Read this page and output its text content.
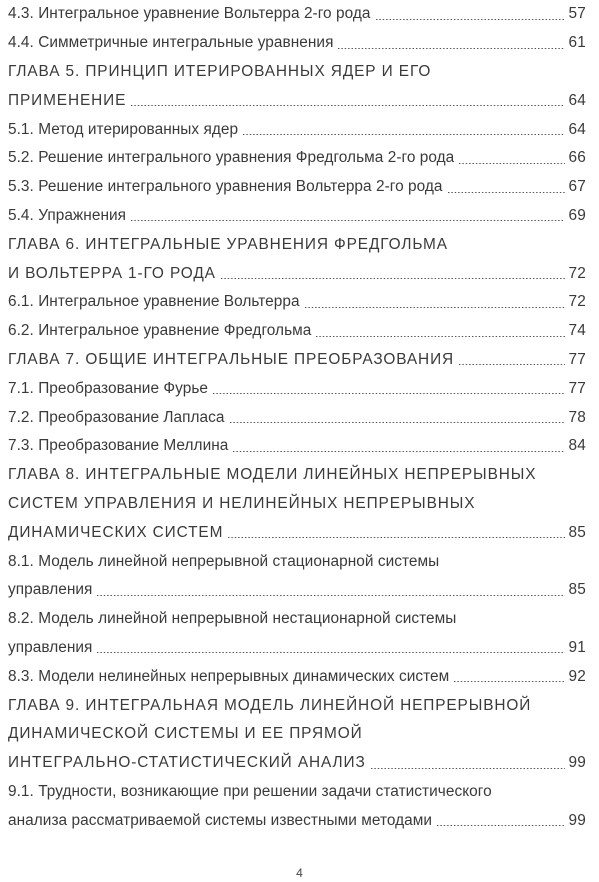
4.3. Интегральное уравнение Вольтерра 2-го рода	57
4.4. Симметричные интегральные уравнения	61
ГЛАВА 5. ПРИНЦИП ИТЕРИРОВАННЫХ ЯДЕР И ЕГО
ПРИМЕНЕНИЕ	64
5.1. Метод итерированных ядер	64
5.2. Решение интегрального уравнения Фредгольма 2-го рода	66
5.3. Решение интегрального уравнения Вольтерра 2-го рода	67
5.4. Упражнения	69
ГЛАВА 6. ИНТЕГРАЛЬНЫЕ УРАВНЕНИЯ ФРЕДГОЛЬМА
И ВОЛЬТЕРРА 1-ГО РОДА	72
6.1. Интегральное уравнение Вольтерра	72
6.2. Интегральное уравнение Фредгольма	74
ГЛАВА 7. ОБЩИЕ ИНТЕГРАЛЬНЫЕ ПРЕОБРАЗОВАНИЯ	77
7.1. Преобразование Фурье	77
7.2. Преобразование Лапласа	78
7.3. Преобразование Меллина	84
ГЛАВА 8. ИНТЕГРАЛЬНЫЕ МОДЕЛИ ЛИНЕЙНЫХ НЕПРЕРЫВНЫХ
СИСТЕМ УПРАВЛЕНИЯ И НЕЛИНЕЙНЫХ НЕПРЕРЫВНЫХ
ДИНАМИЧЕСКИХ СИСТЕМ	85
8.1. Модель линейной непрерывной стационарной системы
управления	85
8.2. Модель линейной непрерывной нестационарной системы
управления	91
8.3. Модели нелинейных непрерывных динамических систем	92
ГЛАВА 9. ИНТЕГРАЛЬНАЯ МОДЕЛЬ ЛИНЕЙНОЙ НЕПРЕРЫВНОЙ
ДИНАМИЧЕСКОЙ СИСТЕМЫ И ЕЕ ПРЯМОЙ
ИНТЕГРАЛЬНО-СТАТИСТИЧЕСКИЙ АНАЛИЗ	99
9.1. Трудности, возникающие при решении задачи статистического
анализа рассматриваемой системы известными методами	99
4
